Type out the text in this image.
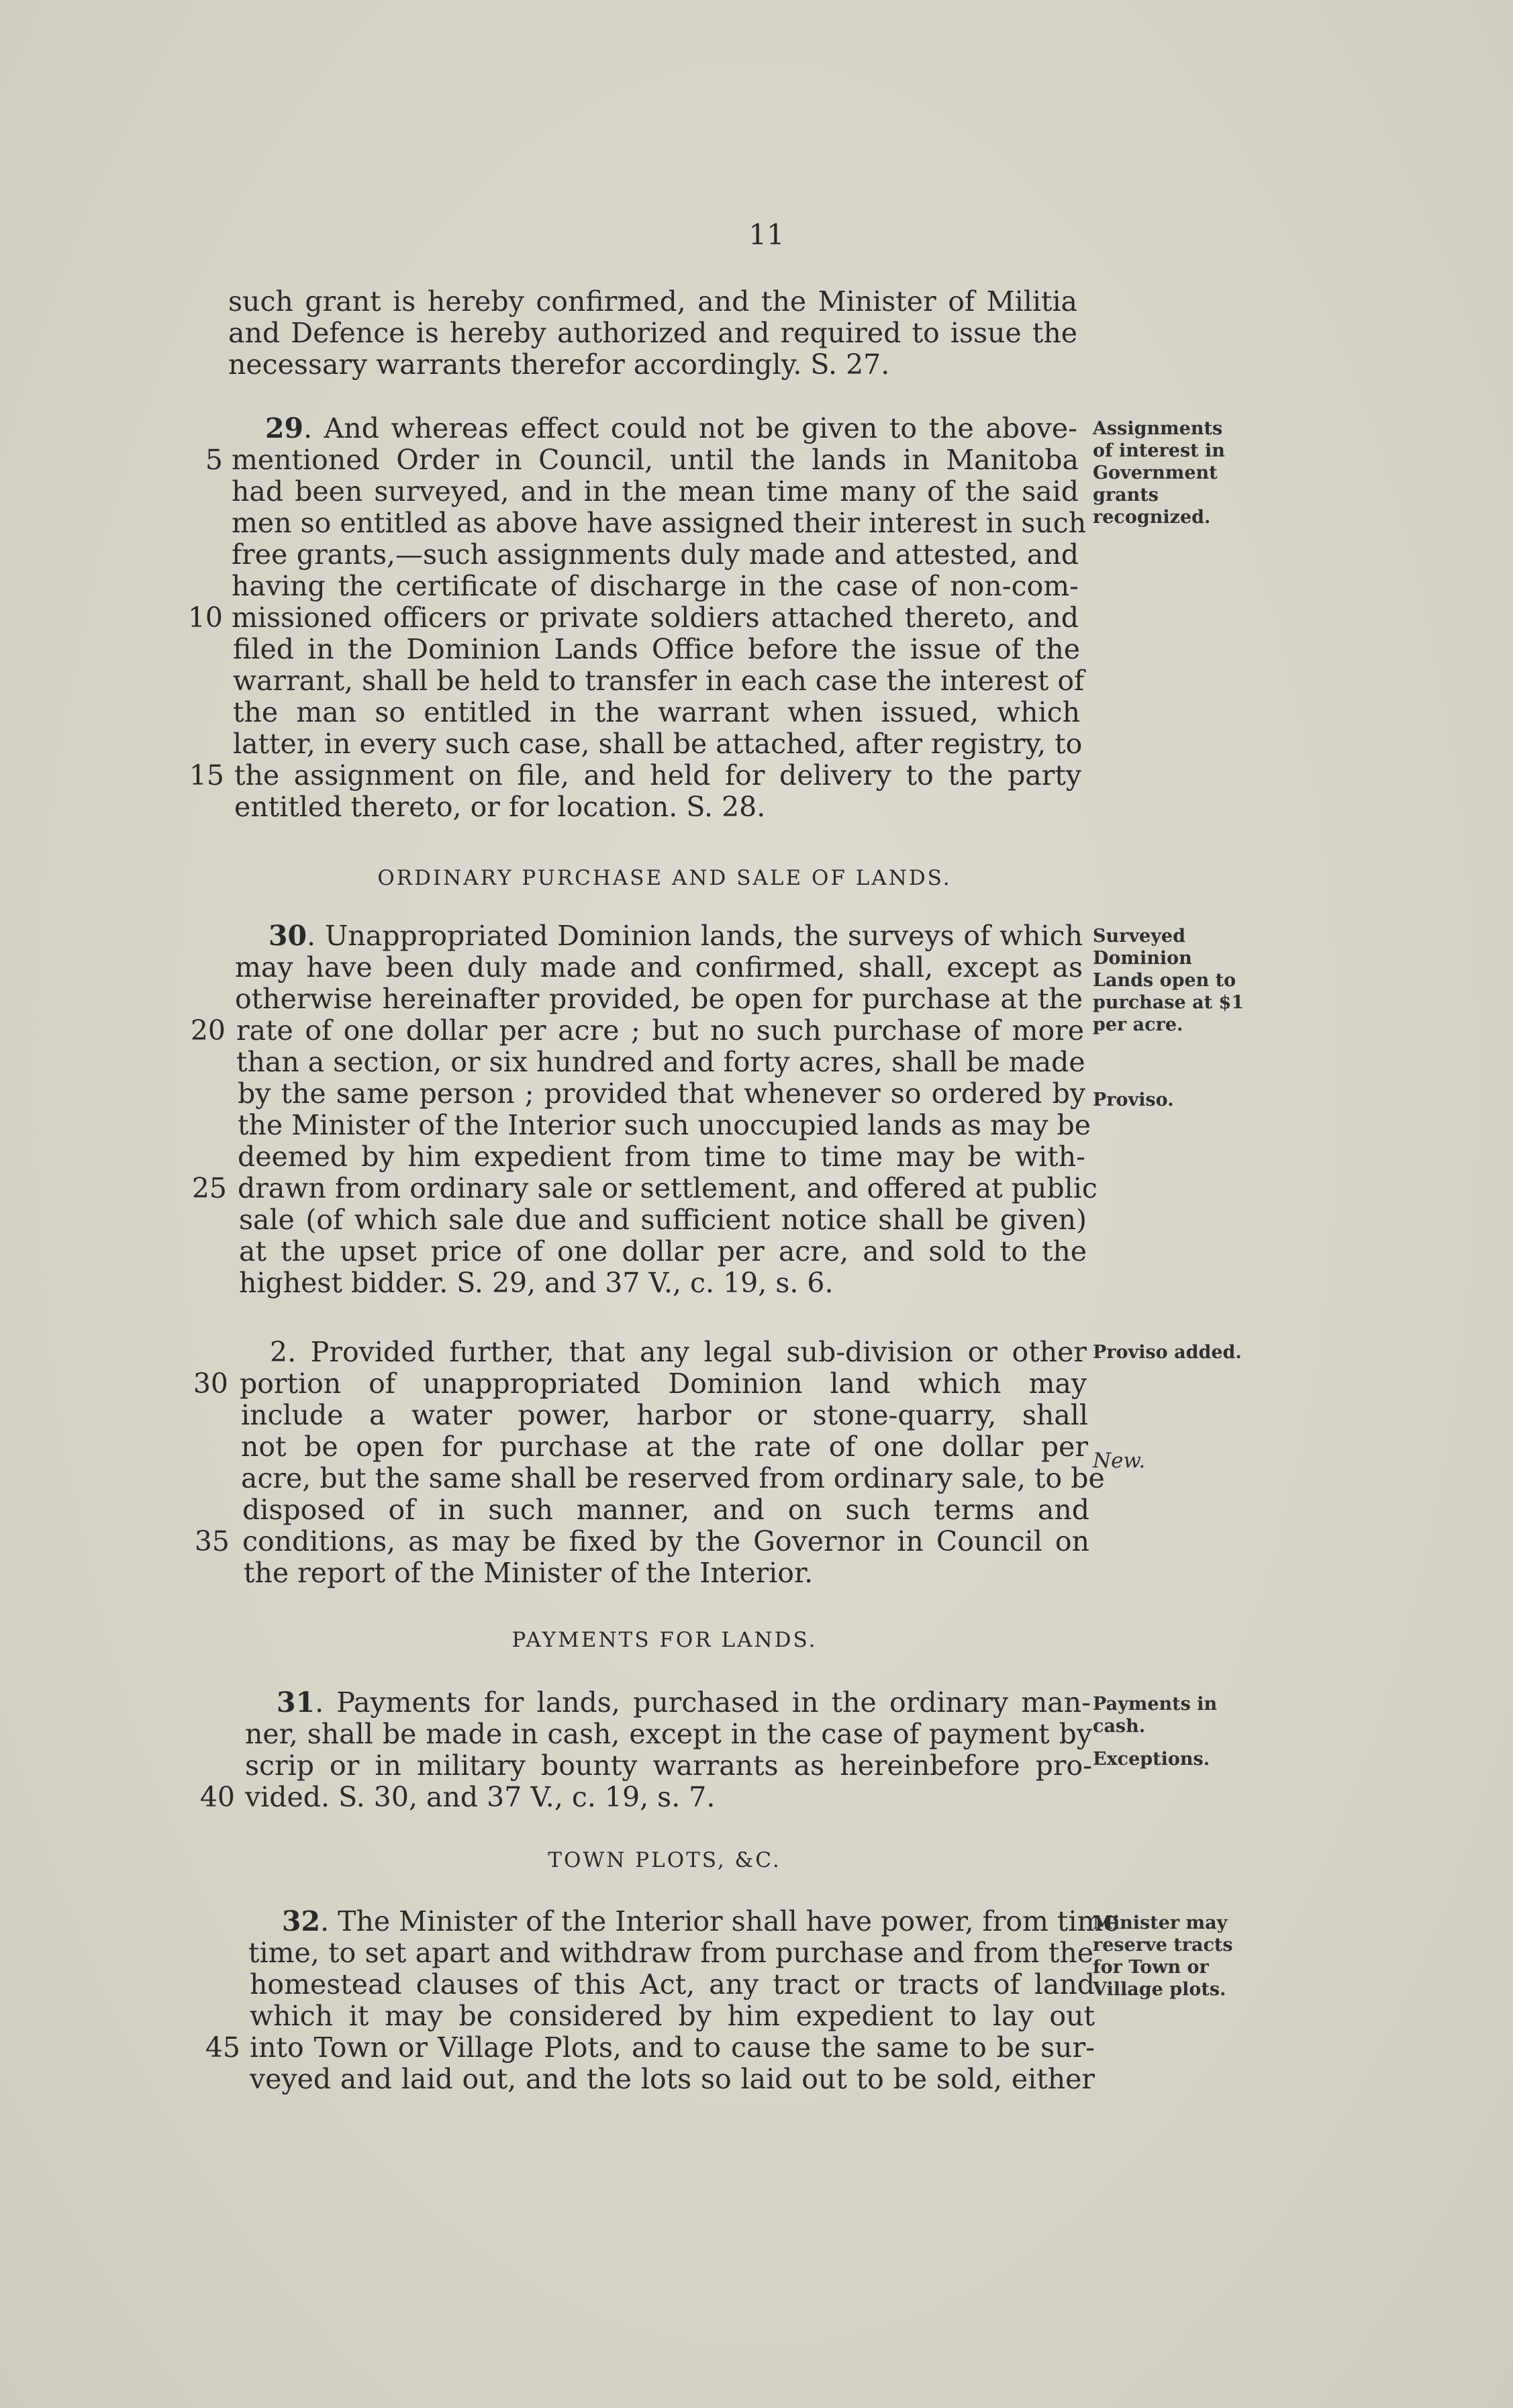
11
such grant is hereby confirmed, and the Minister of Militia
and Defence is hereby authorized and required to issue the
necessary warrants therefor accordingly. S. 27.
29. And whereas effect could not be given to the above-
5 mentioned Order in Council, until the lands in Manitoba
had been surveyed, and in the mean time many of the said
men so entitled as above have assigned their interest in such
free grants,—such assignments duly made and attested, and
having the certificate of discharge in the case of non-com-
10 missioned officers or private soldiers attached thereto, and
filed in the Dominion Lands Office before the issue of the
warrant, shall be held to transfer in each case the interest of
the man so entitled in the warrant when issued, which
latter, in every such case, shall be attached, after registry, to
15 the assignment on file, and held for delivery to the party
entitled thereto, or for location. S. 28.
Assignments of interest in Government grants recognized.
ORDINARY PURCHASE AND SALE OF LANDS.
30. Unappropriated Dominion lands, the surveys of which
may have been duly made and confirmed, shall, except as
otherwise hereinafter provided, be open for purchase at the
20 rate of one dollar per acre ; but no such purchase of more
than a section, or six hundred and forty acres, shall be made
by the same person ; provided that whenever so ordered by
the Minister of the Interior such unoccupied lands as may be
deemed by him expedient from time to time may be with-
25 drawn from ordinary sale or settlement, and offered at public
sale (of which sale due and sufficient notice shall be given)
at the upset price of one dollar per acre, and sold to the
highest bidder. S. 29, and 37 V., c. 19, s. 6.
Surveyed Dominion Lands open to purchase at $1 per acre.
Proviso.
2. Provided further, that any legal sub-division or other
30 portion of unappropriated Dominion land which may
include a water power, harbor or stone-quarry, shall
not be open for purchase at the rate of one dollar per
acre, but the same shall be reserved from ordinary sale, to be
disposed of in such manner, and on such terms and
35 conditions, as may be fixed by the Governor in Council on
the report of the Minister of the Interior.
Proviso added.
New.
PAYMENTS FOR LANDS.
31. Payments for lands, purchased in the ordinary man-
ner, shall be made in cash, except in the case of payment by
scrip or in military bounty warrants as hereinbefore pro-
40 vided. S. 30, and 37 V., c. 19, s. 7.
Payments in cash.
Exceptions.
TOWN PLOTS, &C.
32. The Minister of the Interior shall have power, from time
time, to set apart and withdraw from purchase and from the
homestead clauses of this Act, any tract or tracts of land
which it may be considered by him expedient to lay out
45 into Town or Village Plots, and to cause the same to be sur-
veyed and laid out, and the lots so laid out to be sold, either
Minister may reserve tracts for Town or Village plots.
